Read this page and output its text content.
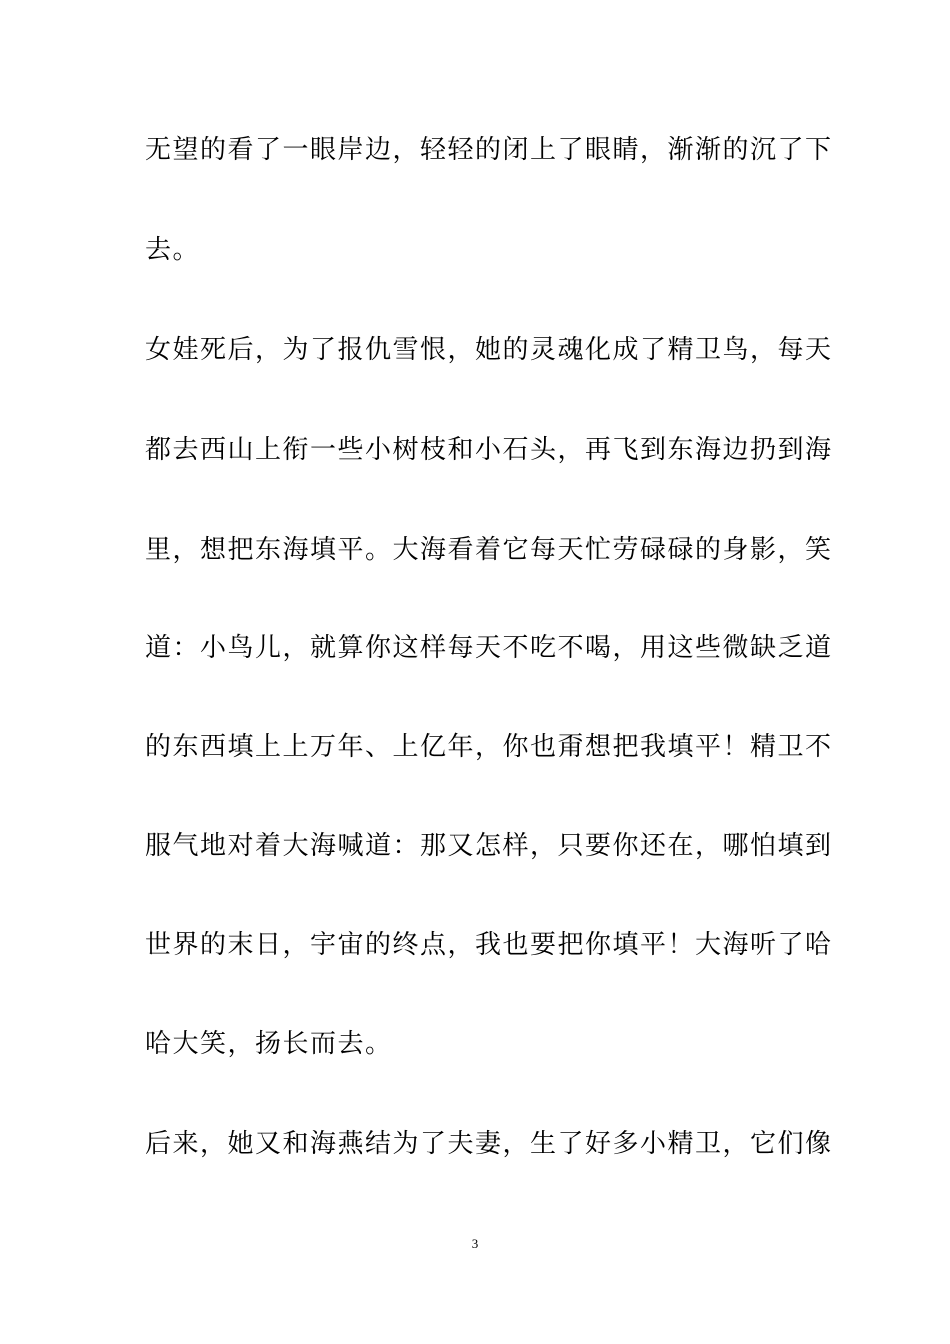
无望的看了一眼岸边，轻轻的闭上了眼睛，渐渐的沉了下
去。
女娃死后，为了报仇雪恨，她的灵魂化成了精卫鸟，每天
都去西山上衔一些小树枝和小石头，再飞到东海边扔到海
里，想把东海填平。大海看着它每天忙劳碌碌的身影，笑
道：小鸟儿，就算你这样每天不吃不喝，用这些微缺乏道
的东西填上上万年、上亿年，你也甭想把我填平！精卫不
服气地对着大海喊道：那又怎样，只要你还在，哪怕填到
世界的末日，宇宙的终点，我也要把你填平！大海听了哈
哈大笑，扬长而去。
后来，她又和海燕结为了夫妻，生了好多小精卫，它们像
3
